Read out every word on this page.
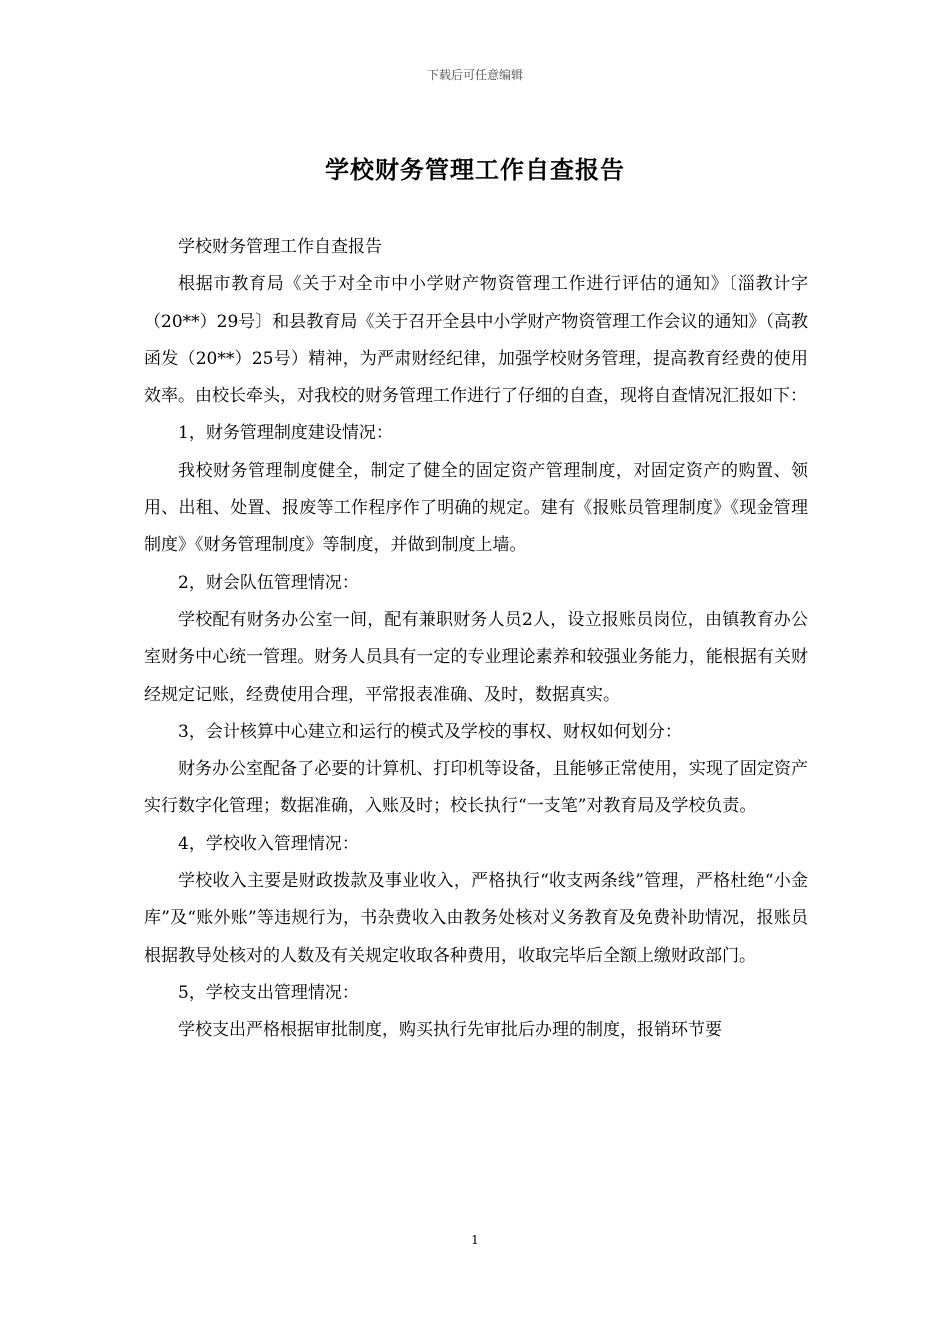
下载后可任意编辑
学校财务管理工作自查报告

学校财务管理工作自查报告

根据市教育局《关于对全市中小学财产物资管理工作进行评估的通知》〔淄教计字（20**）29号〕和县教育局《关于召开全县中小学财产物资管理工作会议的通知》（高教函发（20**）25号）精神，为严肃财经纪律，加强学校财务管理，提高教育经费的使用效率。由校长牵头，对我校的财务管理工作进行了仔细的自查，现将自查情况汇报如下：

1，财务管理制度建设情况：

我校财务管理制度健全，制定了健全的固定资产管理制度，对固定资产的购置、领用、出租、处置、报废等工作程序作了明确的规定。建有《报账员管理制度》《现金管理制度》《财务管理制度》等制度，并做到制度上墙。

2，财会队伍管理情况：

学校配有财务办公室一间，配有兼职财务人员2人，设立报账员岗位，由镇教育办公室财务中心统一管理。财务人员具有一定的专业理论素养和较强业务能力，能根据有关财经规定记账，经费使用合理，平常报表准确、及时，数据真实。

3，会计核算中心建立和运行的模式及学校的事权、财权如何划分：

财务办公室配备了必要的计算机、打印机等设备，且能够正常使用，实现了固定资产实行数字化管理；数据准确，入账及时；校长执行“一支笔”对教育局及学校负责。

4，学校收入管理情况：

学校收入主要是财政拨款及事业收入，严格执行“收支两条线”管理，严格杜绝“小金库”及“账外账”等违规行为，书杂费收入由教务处核对义务教育及免费补助情况，报账员根据教导处核对的人数及有关规定收取各种费用，收取完毕后全额上缴财政部门。

5，学校支出管理情况：

学校支出严格根据审批制度，购买执行先审批后办理的制度，报销环节要

1
